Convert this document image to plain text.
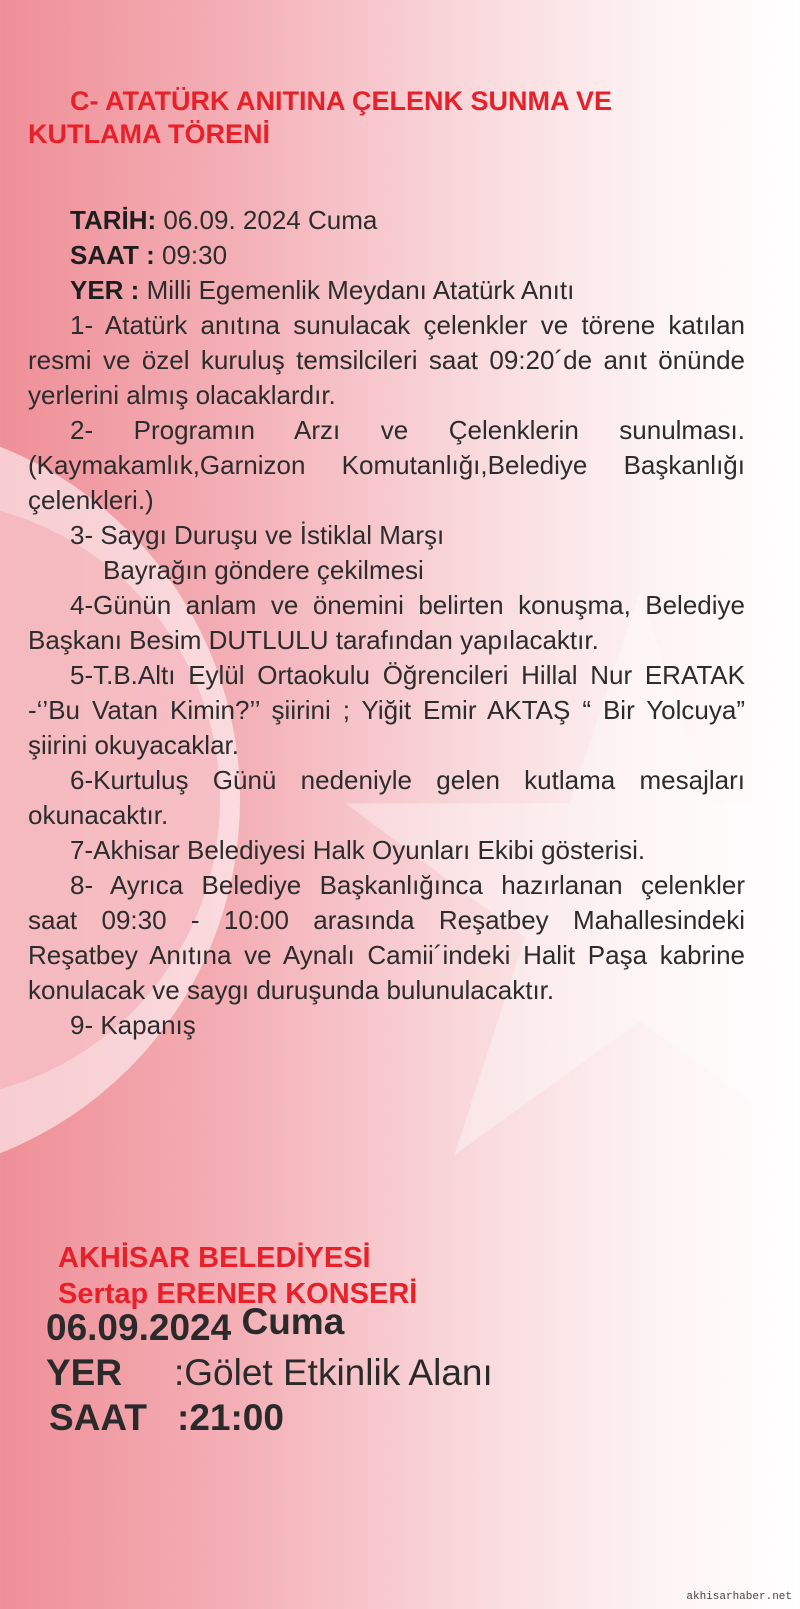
C- ATATÜRK ANITINA ÇELENK SUNMA VE KUTLAMA TÖRENİ
TARİH: 06.09. 2024 Cuma
SAAT : 09:30
YER : Milli Egemenlik Meydanı Atatürk Anıtı

1- Atatürk anıtına sunulacak çelenkler ve törene katılan resmi ve özel kuruluş temsilcileri saat 09:20´de anıt önünde yerlerini almış olacaklardır.

2- Programın Arzı ve Çelenklerin sunulması. (Kaymakamlık,Garnizon Komutanlığı,Belediye Başkanlığı çelenkleri.)

3- Saygı Duruşu ve İstiklal Marşı

Bayrağın göndere çekilmesi

4-Günün anlam ve önemini belirten konuşma, Belediye Başkanı Besim DUTLULU tarafından yapılacaktır.

5-T.B.Altı Eylül Ortaokulu Öğrencileri Hillal Nur ERATAK -‘’Bu Vatan Kimin?’’ şiirini ; Yiğit Emir AKTAŞ “ Bir Yolcuya” şiirini okuyacaklar.

6-Kurtuluş Günü nedeniyle gelen kutlama mesajları okunacaktır.

7-Akhisar Belediyesi Halk Oyunları Ekibi gösterisi.

8- Ayrıca Belediye Başkanlığınca hazırlanan çelenkler saat 09:30 - 10:00 arasında Reşatbey Mahallesindeki Reşatbey Anıtına ve Aynalı Camii´indeki Halit Paşa kabrine konulacak ve saygı duruşunda bulunulacaktır.

9- Kapanış

AKHİSAR BELEDİYESİ
Sertap ERENER KONSERİ
06.09.2024 Cuma
YER :Gölet Etkinlik Alanı
SAAT :21:00
akhisarhaber.net
